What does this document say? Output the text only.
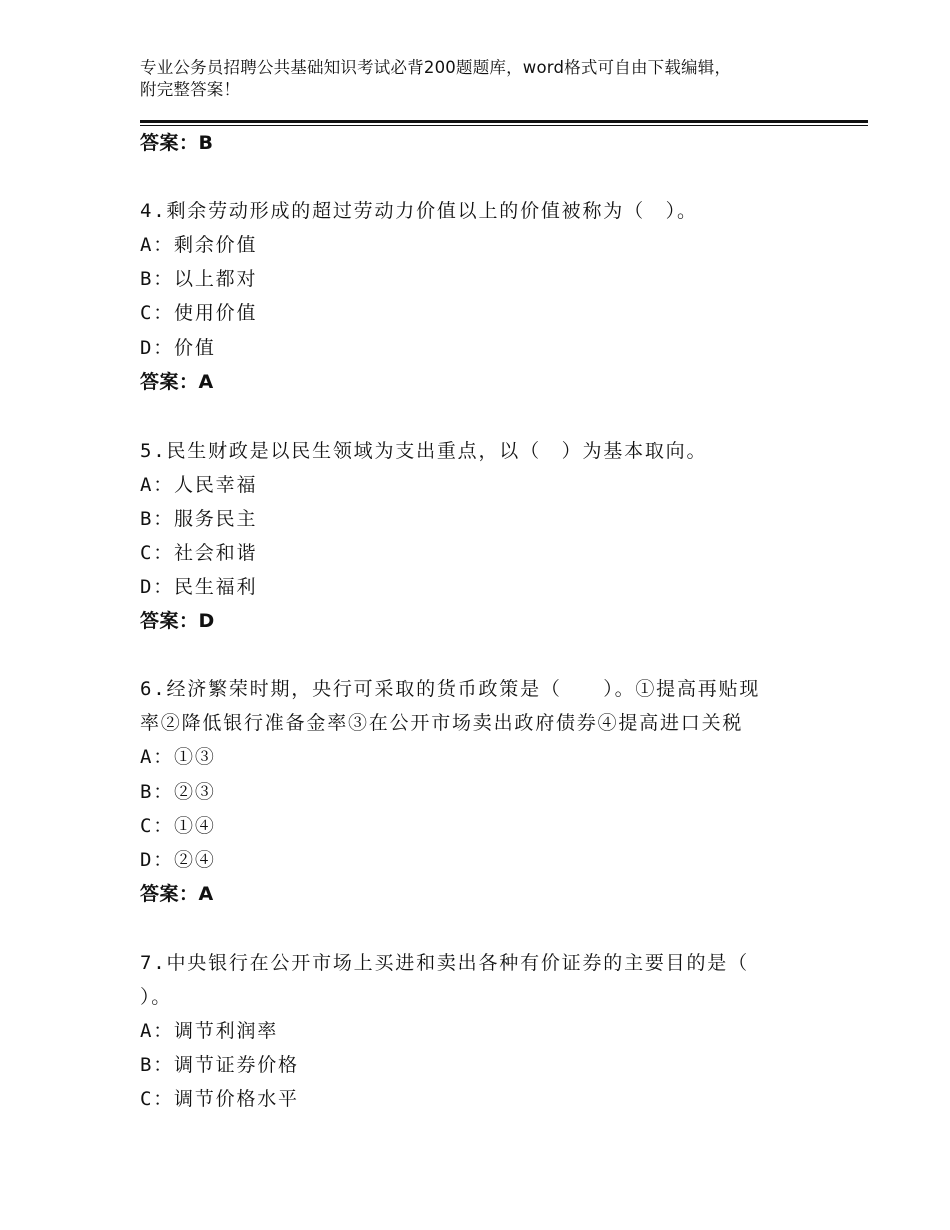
专业公务员招聘公共基础知识考试必背200题题库，word格式可自由下载编辑，
附完整答案！
答案：B
4.剩余劳动形成的超过劳动力价值以上的价值被称为（　）。
A：剩余价值
B：以上都对
C：使用价值
D：价值
答案：A
5.民生财政是以民生领域为支出重点，以（　）为基本取向。
A：人民幸福
B：服务民主
C：社会和谐
D：民生福利
答案：D
6.经济繁荣时期，央行可采取的货币政策是（　　）。①提高再贴现
率②降低银行准备金率③在公开市场卖出政府债券④提高进口关税
A：①③
B：②③
C：①④
D：②④
答案：A
7.中央银行在公开市场上买进和卖出各种有价证券的主要目的是（
）。
A：调节利润率
B：调节证券价格
C：调节价格水平
